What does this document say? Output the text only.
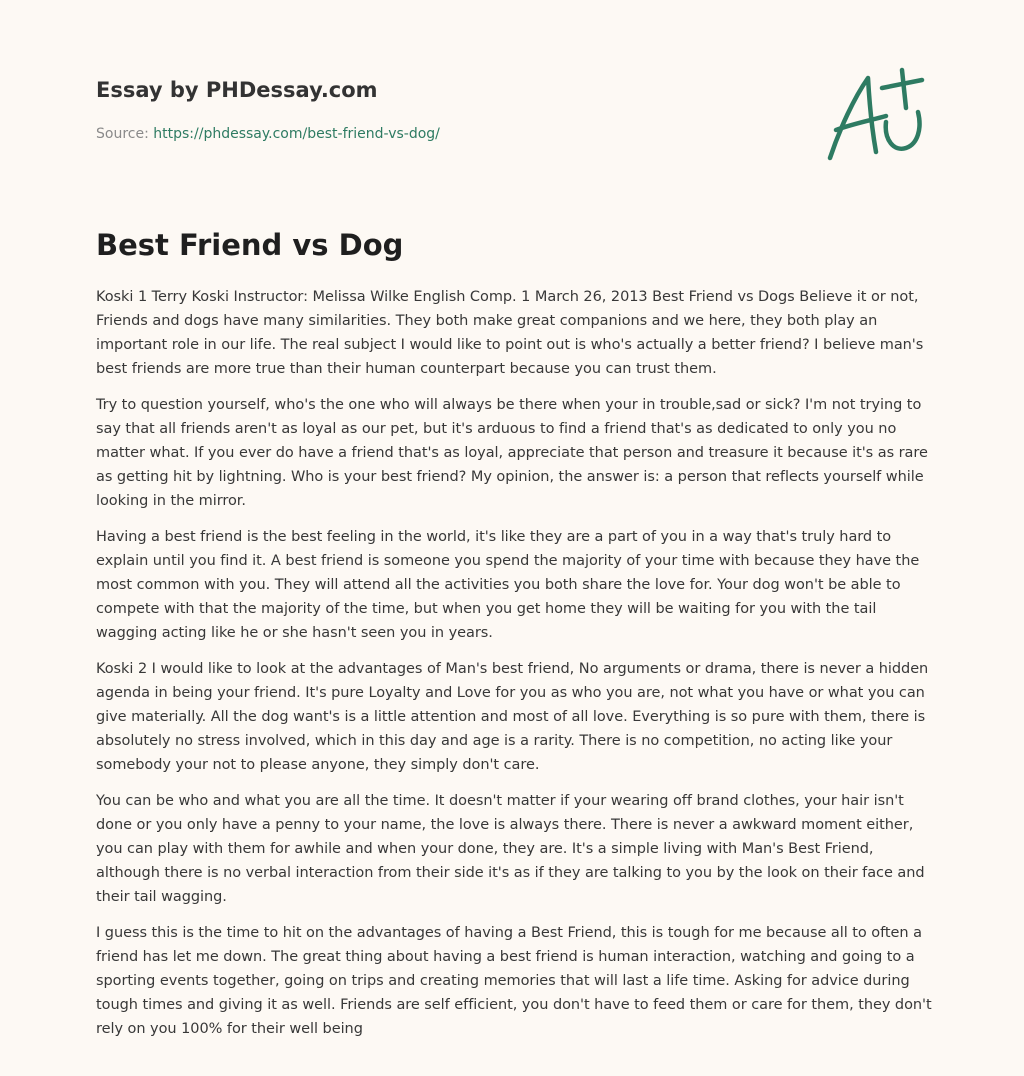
Essay by PHDessay.com
Source: https://phdessay.com/best-friend-vs-dog/
Best Friend vs Dog

Koski 1 Terry Koski Instructor: Melissa Wilke English Comp. 1 March 26, 2013 Best Friend vs Dogs Believe it or not, Friends and dogs have many similarities. They both make great companions and we here, they both play an important role in our life. The real subject I would like to point out is who's actually a better friend? I believe man's best friends are more true than their human counterpart because you can trust them.

Try to question yourself, who's the one who will always be there when your in trouble,sad or sick? I'm not trying to say that all friends aren't as loyal as our pet, but it's arduous to find a friend that's as dedicated to only you no matter what. If you ever do have a friend that's as loyal, appreciate that person and treasure it because it's as rare as getting hit by lightning. Who is your best friend? My opinion, the answer is: a person that reflects yourself while looking in the mirror.

Having a best friend is the best feeling in the world, it's like they are a part of you in a way that's truly hard to explain until you find it. A best friend is someone you spend the majority of your time with because they have the most common with you. They will attend all the activities you both share the love for. Your dog won't be able to compete with that the majority of the time, but when you get home they will be waiting for you with the tail wagging acting like he or she hasn't seen you in years.

Koski 2 I would like to look at the advantages of Man's best friend, No arguments or drama, there is never a hidden agenda in being your friend. It's pure Loyalty and Love for you as who you are, not what you have or what you can give materially. All the dog want's is a little attention and most of all love. Everything is so pure with them, there is absolutely no stress involved, which in this day and age is a rarity. There is no competition, no acting like your somebody your not to please anyone, they simply don't care.

You can be who and what you are all the time. It doesn't matter if your wearing off brand clothes, your hair isn't done or you only have a penny to your name, the love is always there. There is never a awkward moment either, you can play with them for awhile and when your done, they are. It's a simple living with Man's Best Friend, although there is no verbal interaction from their side it's as if they are talking to you by the look on their face and their tail wagging.

I guess this is the time to hit on the advantages of having a Best Friend, this is tough for me because all to often a friend has let me down. The great thing about having a best friend is human interaction, watching and going to a sporting events together, going on trips and creating memories that will last a life time. Asking for advice during tough times and giving it as well. Friends are self efficient, you don't have to feed them or care for them, they don't rely on you 100% for their well being
